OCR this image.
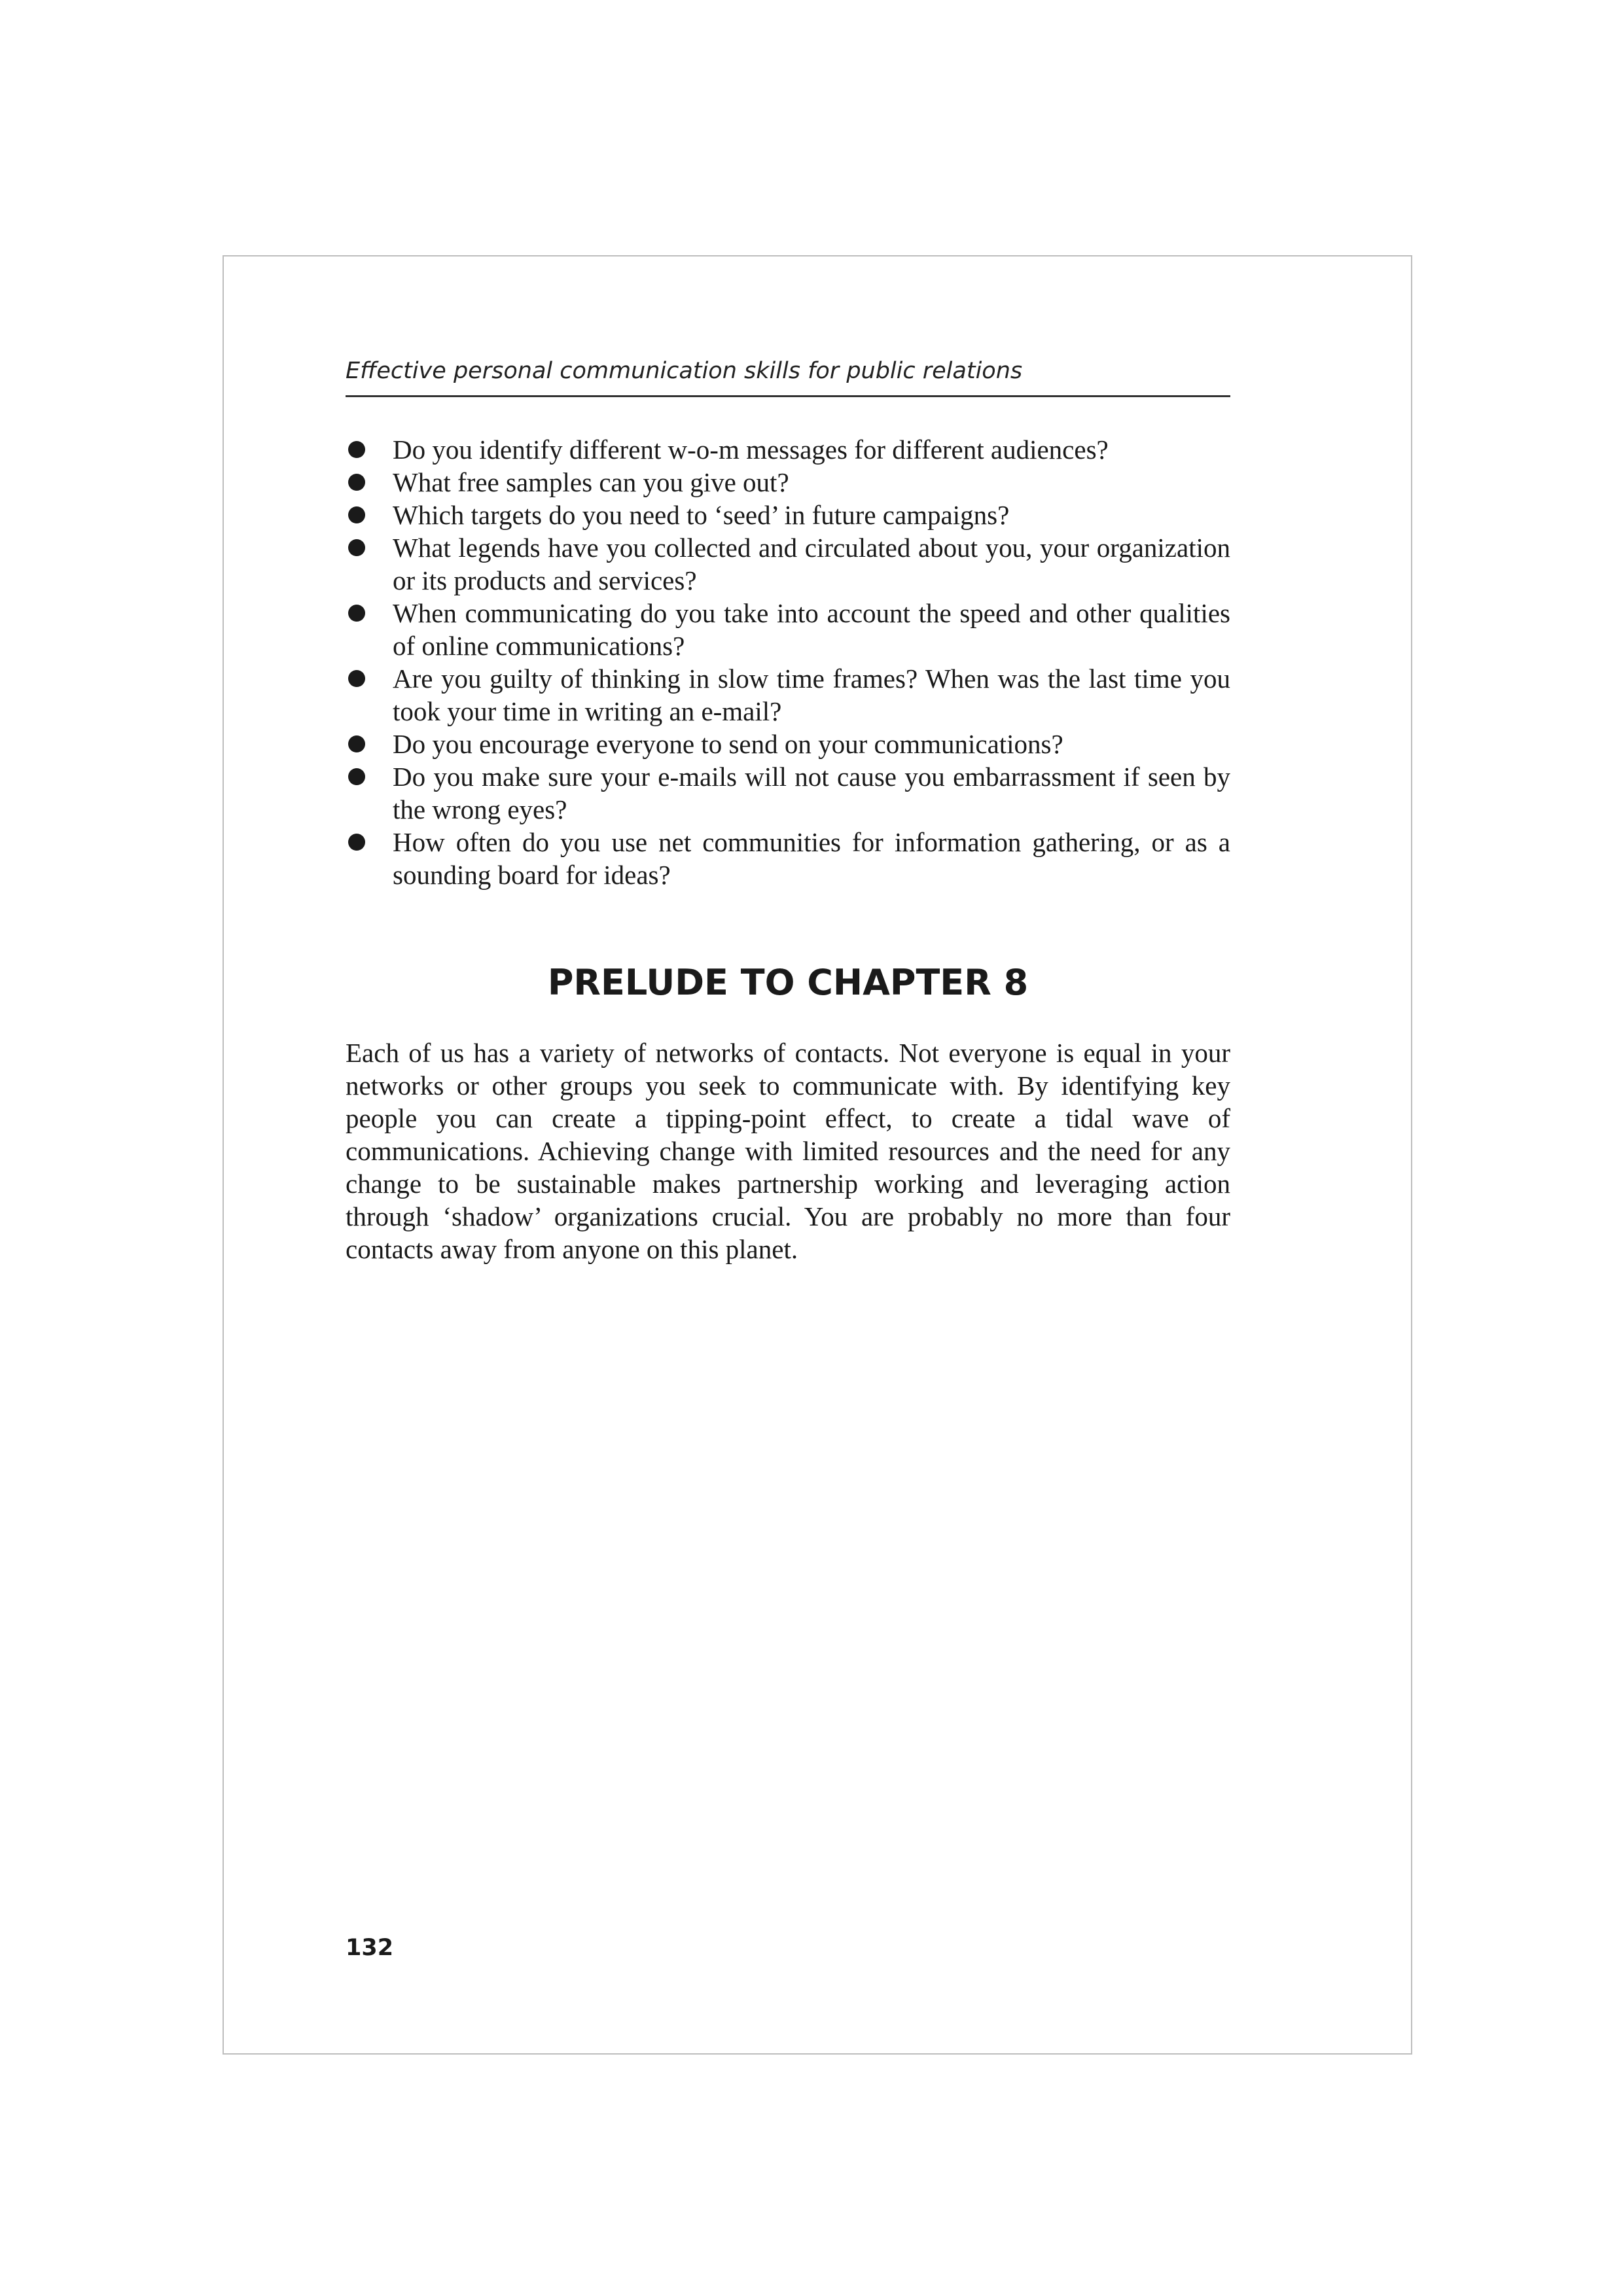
Effective personal communication skills for public relations
Do you identify different w-o-m messages for different audiences?
What free samples can you give out?
Which targets do you need to ‘seed’ in future campaigns?
What legends have you collected and circulated about you, your organization or its products and services?
When communicating do you take into account the speed and other qualities of online communications?
Are you guilty of thinking in slow time frames? When was the last time you took your time in writing an e-mail?
Do you encourage everyone to send on your communications?
Do you make sure your e-mails will not cause you embarrassment if seen by the wrong eyes?
How often do you use net communities for information gathering, or as a sounding board for ideas?
PRELUDE TO CHAPTER 8

Each of us has a variety of networks of contacts. Not everyone is equal in your networks or other groups you seek to communicate with. By identifying key people you can create a tipping-point effect, to create a tidal wave of communications. Achieving change with limited resources and the need for any change to be sustainable makes partnership working and leveraging action through ‘shadow’ organizations crucial. You are probably no more than four contacts away from anyone on this planet.

132
